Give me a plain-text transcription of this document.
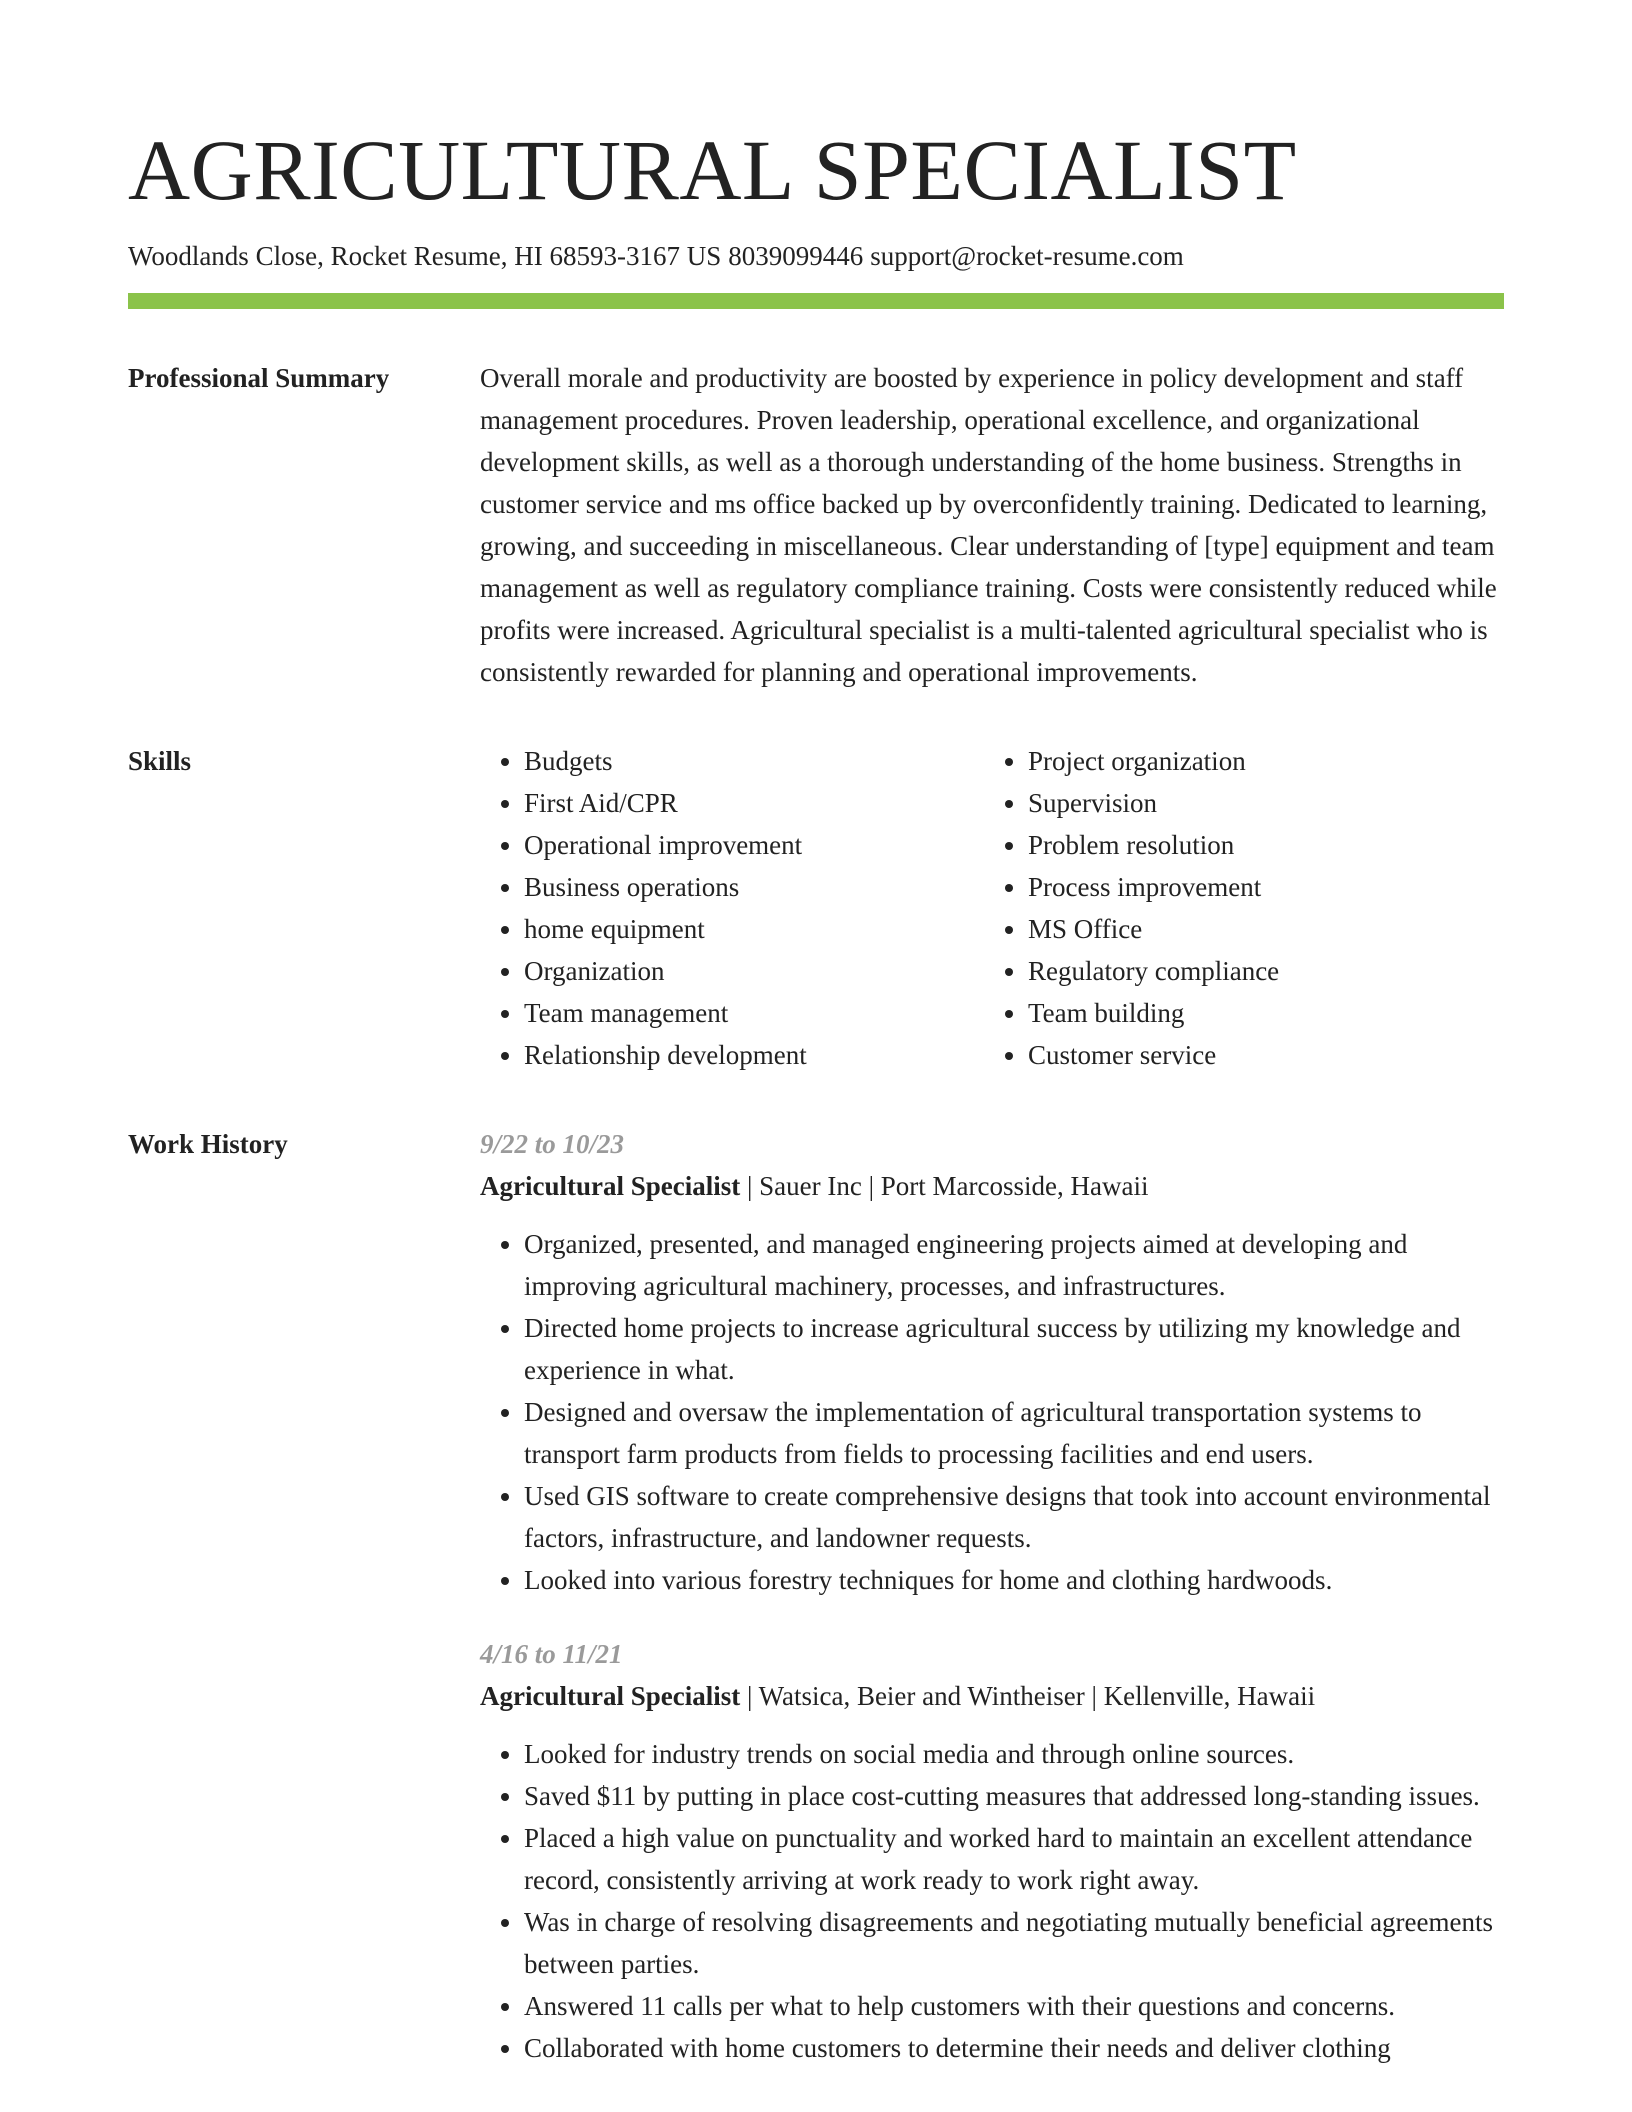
AGRICULTURAL SPECIALIST
Woodlands Close, Rocket Resume, HI 68593-3167 US 8039099446 support@rocket-resume.com
Professional Summary	Overall morale and productivity are boosted by experience in policy development and staff management procedures. Proven leadership, operational excellence, and organizational development skills, as well as a thorough understanding of the home business. Strengths in customer service and ms office backed up by overconfidently training. Dedicated to learning, growing, and succeeding in miscellaneous. Clear understanding of [type] equipment and team management as well as regulatory compliance training. Costs were consistently reduced while profits were increased. Agricultural specialist is a multi-talented agricultural specialist who is consistently rewarded for planning and operational improvements.

Skills
•	Budgets
• First Aid/CPR
• Operational improvement
• Business operations
• home equipment
• Organization
• Team management
• Relationship development
• Project organization
• Supervision
• Problem resolution
• Process improvement
• MS Office
• Regulatory compliance
• Team building
• Customer service
Work History	9/22 to 10/23
Agricultural Specialist | Sauer Inc | Port Marcosside, Hawaii
• Organized, presented, and managed engineering projects aimed at developing and improving agricultural machinery, processes, and infrastructures.
• Directed home projects to increase agricultural success by utilizing my knowledge and experience in what.
• Designed and oversaw the implementation of agricultural transportation systems to transport farm products from fields to processing facilities and end users.
• Used GIS software to create comprehensive designs that took into account environmental factors, infrastructure, and landowner requests.
• Looked into various forestry techniques for home and clothing hardwoods.
4/16 to 11/21
Agricultural Specialist | Watsica, Beier and Wintheiser | Kellenville, Hawaii
• Looked for industry trends on social media and through online sources.
• Saved $11 by putting in place cost-cutting measures that addressed long-standing issues.
• Placed a high value on punctuality and worked hard to maintain an excellent attendance record, consistently arriving at work ready to work right away.
• Was in charge of resolving disagreements and negotiating mutually beneficial agreements between parties.
• Answered 11 calls per what to help customers with their questions and concerns.
• Collaborated with home customers to determine their needs and deliver clothing
